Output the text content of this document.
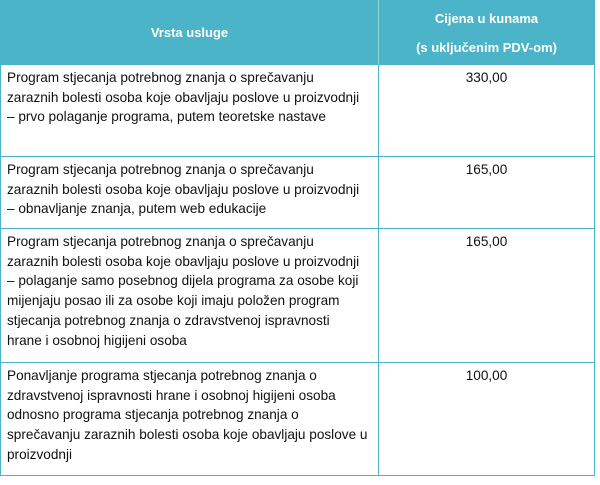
Vrsta usluge	Cijena u kunama
(s uključenim PDV-om)

Program stjecanja potrebnog znanja o sprečavanju zaraznih bolesti osoba koje obavljaju poslove u proizvodnji – prvo polaganje programa, putem teoretske nastave	330,00
Program stjecanja potrebnog znanja o sprečavanju zaraznih bolesti osoba koje obavljaju poslove u proizvodnji – obnavljanje znanja, putem web edukacije	165,00
Program stjecanja potrebnog znanja o sprečavanju zaraznih bolesti osoba koje obavljaju poslove u proizvodnji – polaganje samo posebnog dijela programa za osobe koji mijenjaju posao ili za osobe koji imaju položen program stjecanja potrebnog znanja o zdravstvenoj ispravnosti hrane i osobnoj higijeni osoba	165,00
Ponavljanje programa stjecanja potrebnog znanja o zdravstvenoj ispravnosti hrane i osobnoj higijeni osoba odnosno programa stjecanja potrebnog znanja o sprečavanju zaraznih bolesti osoba koje obavljaju poslove u proizvodnji	100,00
